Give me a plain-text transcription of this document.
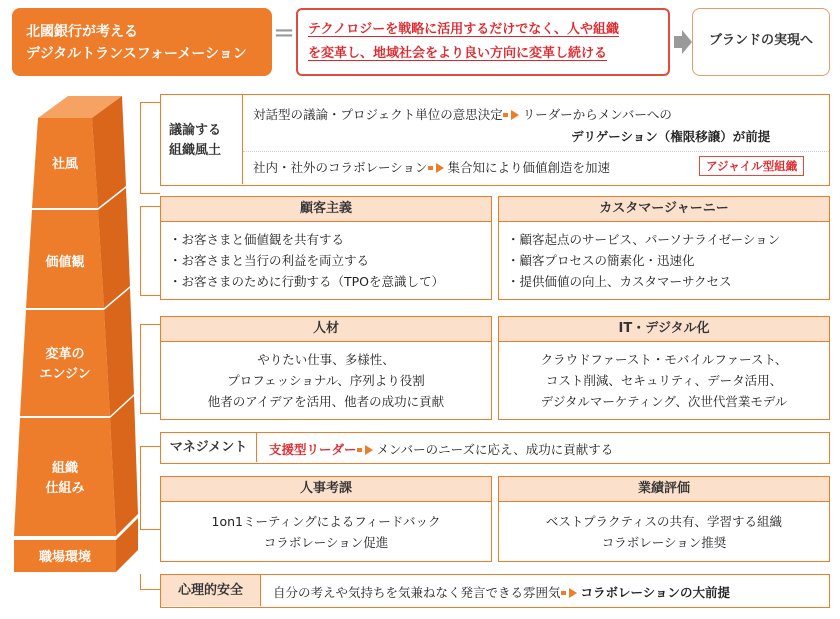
北國銀行が考える
デジタルトランスフォーメーション
= テクノロジーを戦略に活用するだけでなく、人や組織
を変革し、地域社会をより良い方向に変革し続ける
ブランドの実現へ
社風
価値観
変革の
エンジン
組織
仕組み
職場環境
議論する
組織風土
対話型の議論・プロジェクト単位の意思決定 リーダーからメンバーへの
デリゲーション（権限移譲）が前提
社内・社外のコラボレーション 集合知により価値創造を加速	アジャイル型組織
顧客主義
・お客さまと価値観を共有する
・お客さまと当行の利益を両立する
・お客さまのために行動する（TPOを意識して）
カスタマージャーニー
・顧客起点のサービス、パーソナライゼーション
・顧客プロセスの簡素化・迅速化
・提供価値の向上、カスタマーサクセス
人材
やりたい仕事、多様性、
プロフェッショナル、序列より役割
他者のアイデアを活用、他者の成功に貢献
IT・デジタル化
クラウドファースト・モバイルファースト、
コスト削減、セキュリティ、データ活用、
デジタルマーケティング、次世代営業モデル
マネジメント	支援型リーダー メンバーのニーズに応え、成功に貢献する
人事考課
1on1ミーティングによるフィードバック
コラボレーション促進
業績評価
ベストプラクティスの共有、学習する組織
コラボレーション推奨
心理的安全	自分の考えや気持ちを気兼ねなく発言できる雰囲気 コラボレーションの大前提
